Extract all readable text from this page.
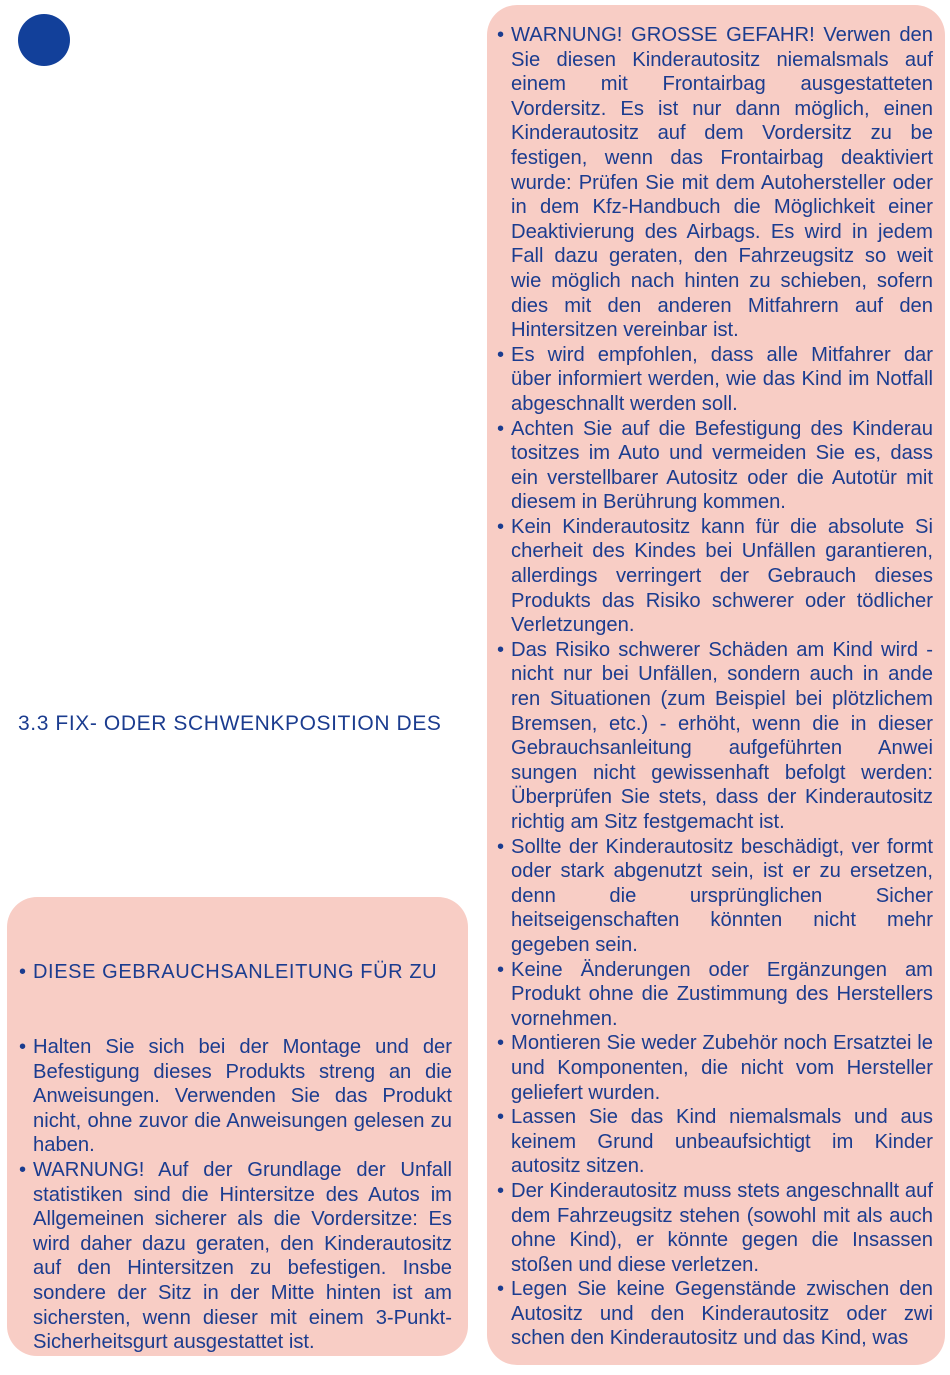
3.3 FIX- ODER SCHWENKPOSITION DES
• DIESE GEBRAUCHSANLEITUNG FÜR ZU
• Halten Sie sich bei der Montage und der Befestigung dieses Produkts streng an die Anweisungen. Verwenden Sie das Produkt nicht, ohne zuvor die Anweisungen gelesen zu haben.
• WARNUNG! Auf der Grundlage der Unfall statistiken sind die Hintersitze des Autos im Allgemeinen sicherer als die Vordersitze: Es wird daher dazu geraten, den Kinderautositz auf den Hintersitzen zu befestigen. Insbe sondere der Sitz in der Mitte hinten ist am sichersten, wenn dieser mit einem 3-Punkt-Sicherheitsgurt ausgestattet ist.
• WARNUNG! GROSSE GEFAHR! Verwen den Sie diesen Kinderautositz niemalsmals auf einem mit Frontairbag ausgestatteten Vordersitz. Es ist nur dann möglich, einen Kinderautositz auf dem Vordersitz zu be festigen, wenn das Frontairbag deaktiviert wurde: Prüfen Sie mit dem Autohersteller oder in dem Kfz-Handbuch die Möglichkeit einer Deaktivierung des Airbags. Es wird in jedem Fall dazu geraten, den Fahrzeugsitz so weit wie möglich nach hinten zu schieben, sofern dies mit den anderen Mitfahrern auf den Hintersitzen vereinbar ist.
• Es wird empfohlen, dass alle Mitfahrer dar über informiert werden, wie das Kind im Notfall abgeschnallt werden soll.
• Achten Sie auf die Befestigung des Kinderau tositzes im Auto und vermeiden Sie es, dass ein verstellbarer Autositz oder die Autotür mit diesem in Berührung kommen.
• Kein Kinderautositz kann für die absolute Si cherheit des Kindes bei Unfällen garantieren, allerdings verringert der Gebrauch dieses Produkts das Risiko schwerer oder tödlicher Verletzungen.
• Das Risiko schwerer Schäden am Kind wird - nicht nur bei Unfällen, sondern auch in ande ren Situationen (zum Beispiel bei plötzlichem Bremsen, etc.) - erhöht, wenn die in dieser Gebrauchsanleitung aufgeführten Anwei sungen nicht gewissenhaft befolgt werden: Überprüfen Sie stets, dass der Kinderautositz richtig am Sitz festgemacht ist.
• Sollte der Kinderautositz beschädigt, ver formt oder stark abgenutzt sein, ist er zu ersetzen, denn die ursprünglichen Sicher heitseigenschaften könnten nicht mehr gegeben sein.
• Keine Änderungen oder Ergänzungen am Produkt ohne die Zustimmung des Herstellers vornehmen.
• Montieren Sie weder Zubehör noch Ersatztei le und Komponenten, die nicht vom Hersteller geliefert wurden.
• Lassen Sie das Kind niemalsmals und aus keinem Grund unbeaufsichtigt im Kinder autositz sitzen.
• Der Kinderautositz muss stets angeschnallt auf dem Fahrzeugsitz stehen (sowohl mit als auch ohne Kind), er könnte gegen die Insassen stoßen und diese verletzen.
• Legen Sie keine Gegenstände zwischen den Autositz und den Kinderautositz oder zwi schen den Kinderautositz und das Kind, was
